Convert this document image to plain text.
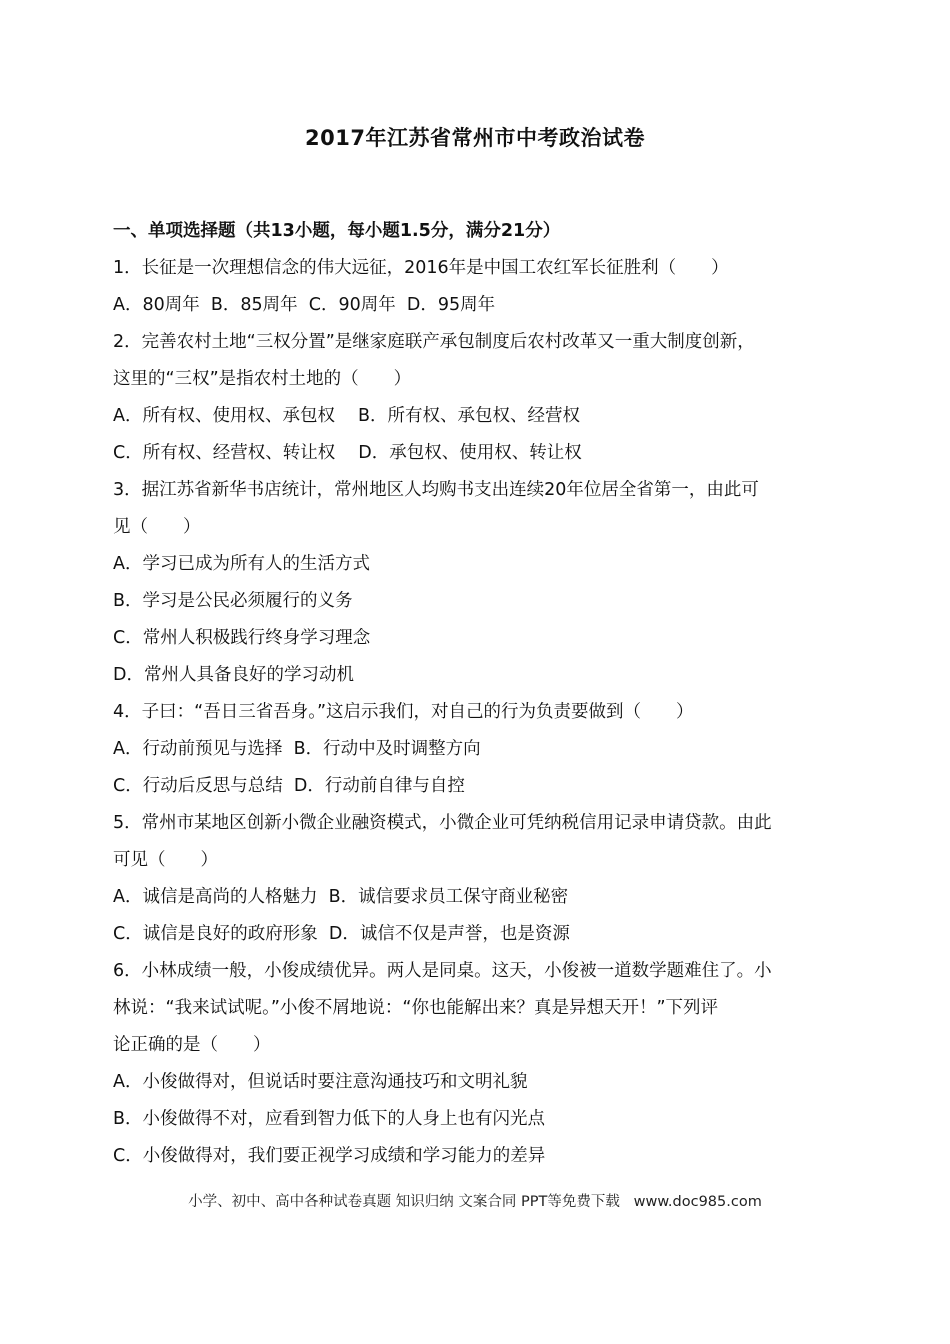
2017年江苏省常州市中考政治试卷
一、单项选择题（共13小题，每小题1.5分，满分21分）
1．长征是一次理想信念的伟大远征，2016年是中国工农红军长征胜利（　　）
A．80周年  B．85周年  C．90周年  D．95周年
2．完善农村土地“三权分置”是继家庭联产承包制度后农村改革又一重大制度创新，
这里的“三权”是指农村土地的（　　）
A．所有权、使用权、承包权　 B．所有权、承包权、经营权
C．所有权、经营权、转让权　 D．承包权、使用权、转让权
3．据江苏省新华书店统计，常州地区人均购书支出连续20年位居全省第一，由此可
见（　　）
A．学习已成为所有人的生活方式
B．学习是公民必须履行的义务
C．常州人积极践行终身学习理念
D．常州人具备良好的学习动机
4．子曰：“吾日三省吾身。”这启示我们，对自己的行为负责要做到（　　）
A．行动前预见与选择  B．行动中及时调整方向
C．行动后反思与总结  D．行动前自律与自控
5．常州市某地区创新小微企业融资模式，小微企业可凭纳税信用记录申请贷款。由此
可见（　　）
A．诚信是高尚的人格魅力  B．诚信要求员工保守商业秘密
C．诚信是良好的政府形象  D．诚信不仅是声誉，也是资源
6．小林成绩一般，小俊成绩优异。两人是同桌。这天，小俊被一道数学题难住了。小
林说：“我来试试呢。”小俊不屑地说：“你也能解出来？真是异想天开！”下列评
论正确的是（　　）
A．小俊做得对，但说话时要注意沟通技巧和文明礼貌
B．小俊做得不对，应看到智力低下的人身上也有闪光点
C．小俊做得对，我们要正视学习成绩和学习能力的差异
小学、初中、高中各种试卷真题 知识归纳 文案合同 PPT等免费下载   www.doc985.com
